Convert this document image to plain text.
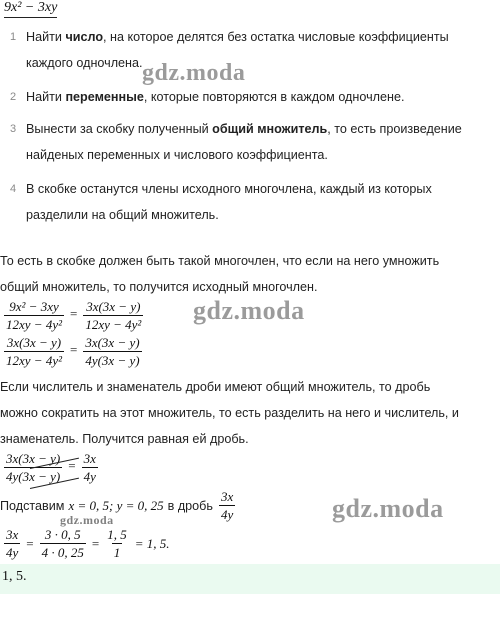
9x² − 3xy
1 Найти число, на которое делятся без остатка числовые коэффициенты
каждого одночлена.
2 Найти переменные, которые повторяются в каждом одночлене.
3 Вынести за скобку полученный общий множитель, то есть произведение
найденых переменных и числового коэффициента.
4 В скобке останутся члены исходного многочлена, каждый из которых
разделили на общий множитель.
То есть в скобке должен быть такой многочлен, что если на него умножить
общий множитель, то получится исходный многочлен.
$\frac{\text{9x² − 3xy}}{\text{12xy − 4y²}} = \frac{3x(3x - y)}{\text{12xy − 4y²}}$
$\frac{3x(3x - y)}{\text{12xy − 4y²}} = \frac{3x(3x - y)}{4y(3x - y)}$
Если числитель и знаменатель дроби имеют общий множитель, то дробь
можно сократить на этот множитель, то есть разделить на него и числитель, и
знаменатель. Получится равная ей дробь.
$\frac{3x(3x - y)}{4y(3x - y)} = \frac{3x}{4y}$
Подставим x = 0, 5; y = 0, 25 в дробь $\frac{3x}{4y}$
$\frac{3x}{4y} = \frac{3 \cdot 0, 5}{4 \cdot 0, 25} = \frac{1, 5}{1} = 1$, 5.
1, 5.
gdz.moda
gdz.moda
gdz.moda
gdz.moda
